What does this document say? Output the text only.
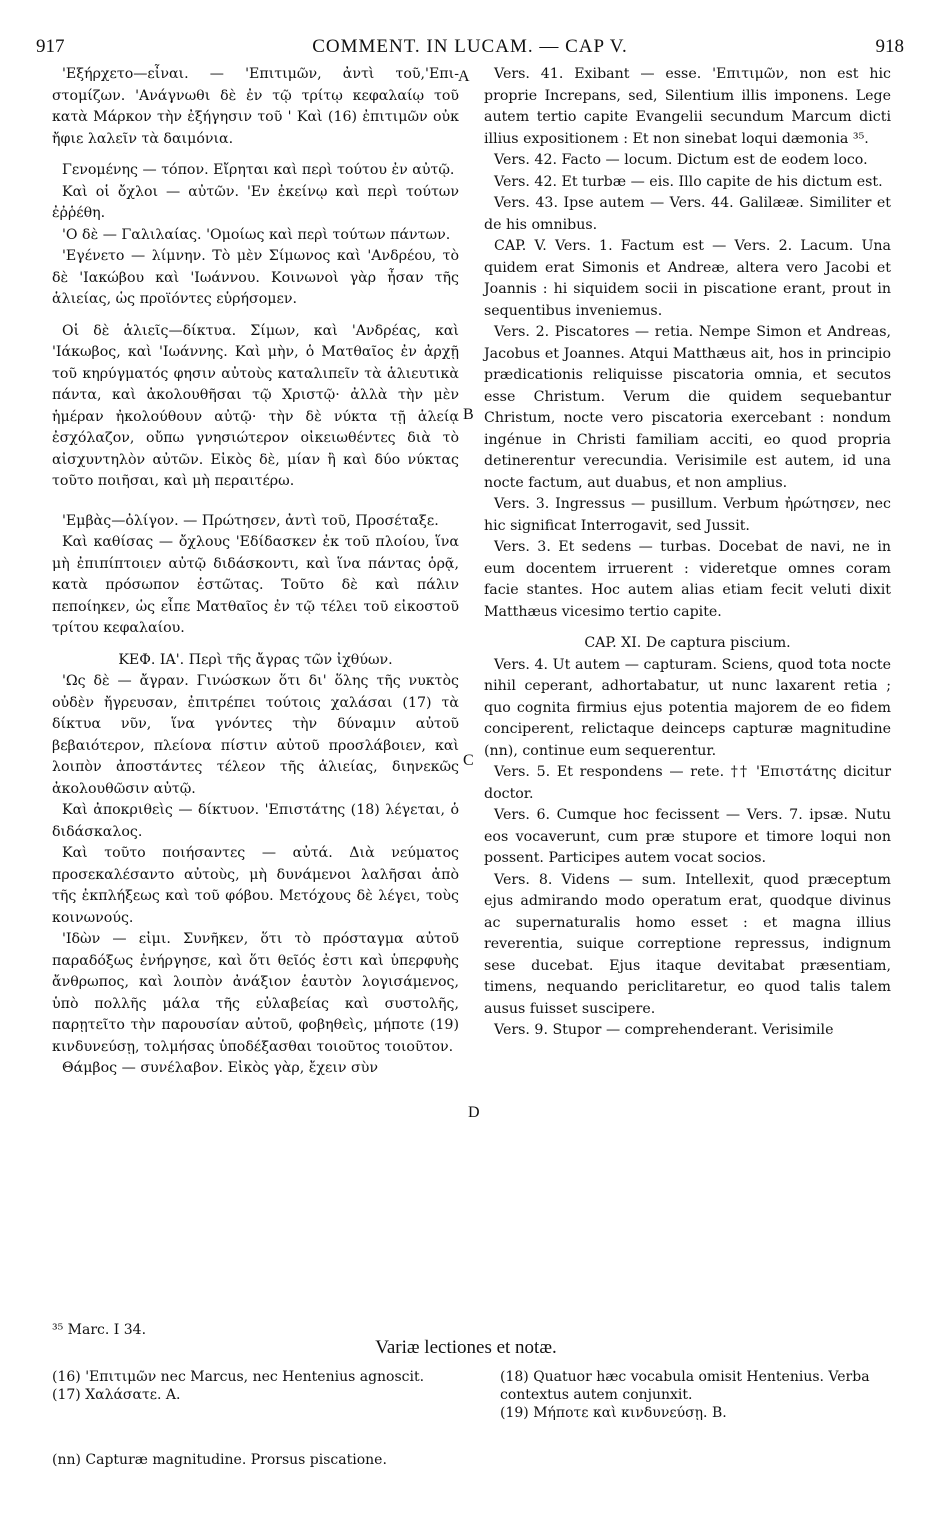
917	COMMENT. IN LUCAM. — CAP V.	918

'Εξήρχετο—εἶναι. — 'Επιτιμῶν, ἀντὶ τοῦ,'Επι-στομίζων. 'Ανάγνωθι δὲ ἐν τῷ τρίτῳ κεφαλαίῳ τοῦ κατὰ Μάρκον τὴν ἐξήγησιν τοῦ ' Καὶ (16) ἐπιτιμῶν οὐκ ἤφιε λαλεῖν τὰ δαιμόνια.

Γενομένης — τόπον. Εἴρηται καὶ περὶ τούτου ἐν αὐτῷ.

Καὶ οἱ ὄχλοι — αὐτῶν. 'Εν ἐκείνῳ καὶ περὶ τούτων ἐῤῥέθη.

'Ο δὲ — Γαλιλαίας. 'Ομοίως καὶ περὶ τούτων πάντων.

'Εγένετο — λίμνην. Τὸ μὲν Σίμωνος καὶ 'Ανδρέου, τὸ δὲ 'Ιακώβου καὶ 'Ιωάννου. Κοινωνοὶ γὰρ ἦσαν τῆς ἁλιείας, ὡς προϊόντες εὑρήσομεν.

Οἱ δὲ ἁλιεῖς—δίκτυα. Σίμων, καὶ 'Ανδρέας, καὶ 'Ιάκωβος, καὶ 'Ιωάννης. Καὶ μὴν, ὁ Ματθαῖος ἐν ἀρχῇ τοῦ κηρύγματός φησιν αὐτοὺς καταλιπεῖν τὰ ἁλιευτικὰ πάντα, καὶ ἀκολουθῆσαι τῷ Χριστῷ· ἀλλὰ τὴν μὲν ἡμέραν ἠκολούθουν αὐτῷ· τὴν δὲ νύκτα τῇ ἁλείᾳ ἐσχόλαζον, οὔπω γνησιώτερον οἰκειωθέντες διὰ τὸ αἰσχυντηλὸν αὐτῶν. Εἰκὸς δὲ, μίαν ἢ καὶ δύο νύκτας τοῦτο ποιῆσαι, καὶ μὴ περαιτέρω.

'Εμβὰς—ὀλίγον. — Πρώτησεν, ἀντὶ τοῦ, Προσέταξε.

Καὶ καθίσας — ὄχλους 'Εδίδασκεν ἐκ τοῦ πλοίου, ἵνα μὴ ἐπιπίπτοιεν αὐτῷ διδάσκοντι, καὶ ἵνα πάντας ὁρᾷ, κατὰ πρόσωπον ἑστῶτας. Τοῦτο δὲ καὶ πάλιν πεποίηκεν, ὡς εἶπε Ματθαῖος ἐν τῷ τέλει τοῦ εἰκοστοῦ τρίτου κεφαλαίου.

ΚΕΦ. ΙΑ'. Περὶ τῆς ἄγρας τῶν ἰχθύων.

'Ως δὲ — ἄγραν. Γινώσκων ὅτι δι' ὅλης τῆς νυκτὸς οὐδὲν ἤγρευσαν, ἐπιτρέπει τούτοις χαλάσαι (17) τὰ δίκτυα νῦν, ἵνα γνόντες τὴν δύναμιν αὐτοῦ βεβαιότερον, πλείονα πίστιν αὐτοῦ προσλάβοιεν, καὶ λοιπὸν ἀποστάντες τέλεον τῆς ἁλιείας, διηνεκῶς ἀκολουθῶσιν αὐτῷ.

Καὶ ἀποκριθεὶς — δίκτυον. 'Επιστάτης (18) λέγεται, ὁ διδάσκαλος.

Καὶ τοῦτο ποιήσαντες — αὐτά. Διὰ νεύματος προσεκαλέσαντο αὐτοὺς, μὴ δυνάμενοι λαλῆσαι ἀπὸ τῆς ἐκπλήξεως καὶ τοῦ φόβου. Μετόχους δὲ λέγει, τοὺς κοινωνούς.

'Ιδὼν — εἰμι. Συνῆκεν, ὅτι τὸ πρόσταγμα αὐτοῦ παραδόξως ἐνήργησε, καὶ ὅτι θεῖός ἐστι καὶ ὑπερφυὴς ἄνθρωπος, καὶ λοιπὸν ἀνάξιον ἑαυτὸν λογισάμενος, ὑπὸ πολλῆς μάλα τῆς εὐλαβείας καὶ συστολῆς, παρῃτεῖτο τὴν παρουσίαν αὐτοῦ, φοβηθεὶς, μήποτε (19) κινδυνεύσῃ, τολμήσας ὑποδέξασθαι τοιοῦτος τοιοῦτον.

Θάμβος — συνέλαβον. Εἰκὸς γὰρ, ἔχειν σὺν

Vers. 41. Exibant — esse. 'Επιτιμῶν, non est hic proprie Increpans, sed, Silentium illis imponens. Lege autem tertio capite Evangelii secundum Marcum dicti illius expositionem : Et non sinebat loqui dæmonia ³⁵.

Vers. 42. Facto — locum. Dictum est de eodem loco.

Vers. 42. Et turbæ — eis. Illo capite de his dictum est.

Vers. 43. Ipse autem — Vers. 44. Galilææ. Similiter et de his omnibus.

CAP. V. Vers. 1. Factum est — Vers. 2. Lacum. Una quidem erat Simonis et Andreæ, altera vero Jacobi et Joannis : hi siquidem socii in piscatione erant, prout in sequentibus inveniemus.

Vers. 2. Piscatores — retia. Nempe Simon et Andreas, Jacobus et Joannes. Atqui Matthæus ait, hos in principio prædicationis reliquisse piscatoria omnia, et secutos esse Christum. Verum die quidem sequebantur Christum, nocte vero piscatoria exercebant : nondum ingénue in Christi familiam acciti, eo quod propria detinerentur verecundia. Verisimile est autem, id una nocte factum, aut duabus, et non amplius.

Vers. 3. Ingressus — pusillum. Verbum ἠρώτησεν, nec hic significat Interrogavit, sed Jussit.

Vers. 3. Et sedens — turbas. Docebat de navi, ne in eum docentem irruerent : videretque omnes coram facie stantes. Hoc autem alias etiam fecit veluti dixit Matthæus vicesimo tertio capite.

CAP. XI. De captura piscium.

Vers. 4. Ut autem — capturam. Sciens, quod tota nocte nihil ceperant, adhortabatur, ut nunc laxarent retia ; quo cognita firmius ejus potentia majorem de eo fidem conciperent, relictaque deinceps capturæ magnitudine (nn), continue eum sequerentur.

Vers. 5. Et respondens — rete. †† 'Επιστάτης dicitur doctor.

Vers. 6. Cumque hoc fecissent — Vers. 7. ipsæ. Nutu eos vocaverunt, cum præ stupore et timore loqui non possent. Participes autem vocat socios.

Vers. 8. Videns — sum. Intellexit, quod præceptum ejus admirando modo operatum erat, quodque divinus ac supernaturalis homo esset : et magna illius reverentia, suique correptione repressus, indignum sese ducebat. Ejus itaque devitabat præsentiam, timens, nequando periclitaretur, eo quod talis talem ausus fuisset suscipere.

Vers. 9. Stupor — comprehenderant. Verisimile

A
B
C
D
³⁵ Marc. I 34.
Variæ lectiones et notæ.

(16) 'Επιτιμῶν nec Marcus, nec Hentenius agnoscit.

(17) Χαλάσατε. A.

(18) Quatuor hæc vocabula omisit Hentenius. Verba contextus autem conjunxit.

(19) Μήποτε καὶ κινδυνεύσῃ. B.

(nn) Capturæ magnitudine. Prorsus piscatione.
